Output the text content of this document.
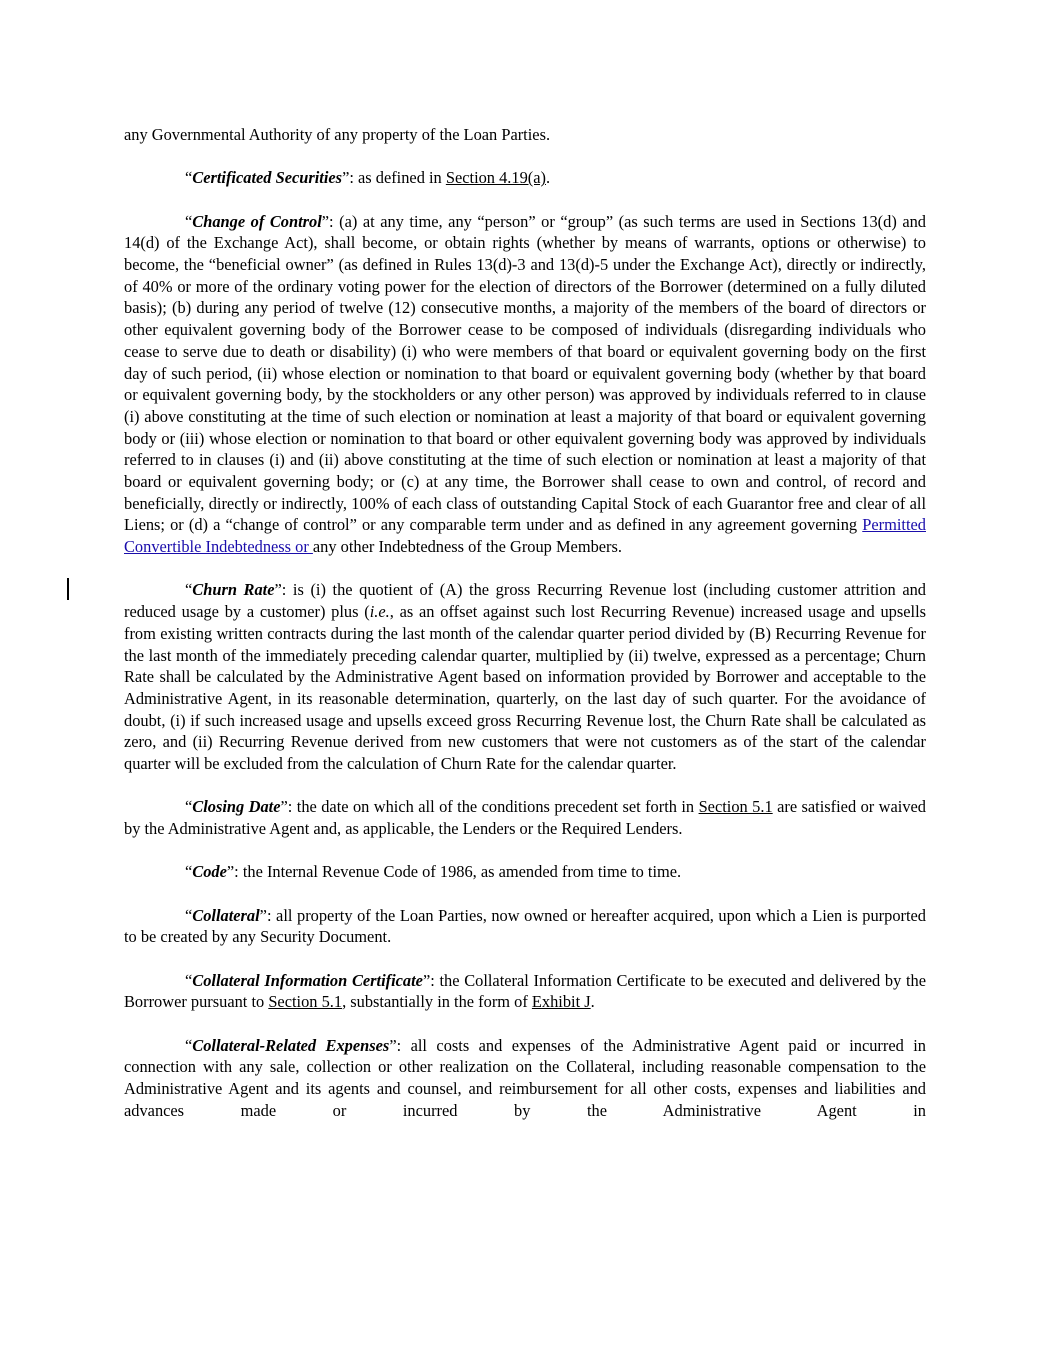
any Governmental Authority of any property of the Loan Parties.

“Certificated Securities”: as defined in Section 4.19(a).

“Change of Control”: (a) at any time, any “person” or “group” (as such terms are used in Sections 13(d) and 14(d) of the Exchange Act), shall become, or obtain rights (whether by means of warrants, options or otherwise) to become, the “beneficial owner” (as defined in Rules 13(d)-3 and 13(d)-5 under the Exchange Act), directly or indirectly, of 40% or more of the ordinary voting power for the election of directors of the Borrower (determined on a fully diluted basis); (b) during any period of twelve (12) consecutive months, a majority of the members of the board of directors or other equivalent governing body of the Borrower cease to be composed of individuals (disregarding individuals who cease to serve due to death or disability) (i) who were members of that board or equivalent governing body on the first day of such period, (ii) whose election or nomination to that board or equivalent governing body (whether by that board or equivalent governing body, by the stockholders or any other person) was approved by individuals referred to in clause (i) above constituting at the time of such election or nomination at least a majority of that board or equivalent governing body or (iii) whose election or nomination to that board or other equivalent governing body was approved by individuals referred to in clauses (i) and (ii) above constituting at the time of such election or nomination at least a majority of that board or equivalent governing body; or (c) at any time, the Borrower shall cease to own and control, of record and beneficially, directly or indirectly, 100% of each class of outstanding Capital Stock of each Guarantor free and clear of all Liens; or (d) a “change of control” or any comparable term under and as defined in any agreement governing Permitted Convertible Indebtedness or any other Indebtedness of the Group Members.

“Churn Rate”: is (i) the quotient of (A) the gross Recurring Revenue lost (including customer attrition and reduced usage by a customer) plus (i.e., as an offset against such lost Recurring Revenue) increased usage and upsells from existing written contracts during the last month of the calendar quarter period divided by (B) Recurring Revenue for the last month of the immediately preceding calendar quarter, multiplied by (ii) twelve, expressed as a percentage; Churn Rate shall be calculated by the Administrative Agent based on information provided by Borrower and acceptable to the Administrative Agent, in its reasonable determination, quarterly, on the last day of such quarter. For the avoidance of doubt, (i) if such increased usage and upsells exceed gross Recurring Revenue lost, the Churn Rate shall be calculated as zero, and (ii) Recurring Revenue derived from new customers that were not customers as of the start of the calendar quarter will be excluded from the calculation of Churn Rate for the calendar quarter.

“Closing Date”: the date on which all of the conditions precedent set forth in Section 5.1 are satisfied or waived by the Administrative Agent and, as applicable, the Lenders or the Required Lenders.

“Code”: the Internal Revenue Code of 1986, as amended from time to time.

“Collateral”: all property of the Loan Parties, now owned or hereafter acquired, upon which a Lien is purported to be created by any Security Document.

“Collateral Information Certificate”: the Collateral Information Certificate to be executed and delivered by the Borrower pursuant to Section 5.1, substantially in the form of Exhibit J.

“Collateral-Related Expenses”: all costs and expenses of the Administrative Agent paid or incurred in connection with any sale, collection or other realization on the Collateral, including reasonable compensation to the Administrative Agent and its agents and counsel, and reimbursement for all other costs, expenses and liabilities and advances made or incurred by the Administrative Agent in
